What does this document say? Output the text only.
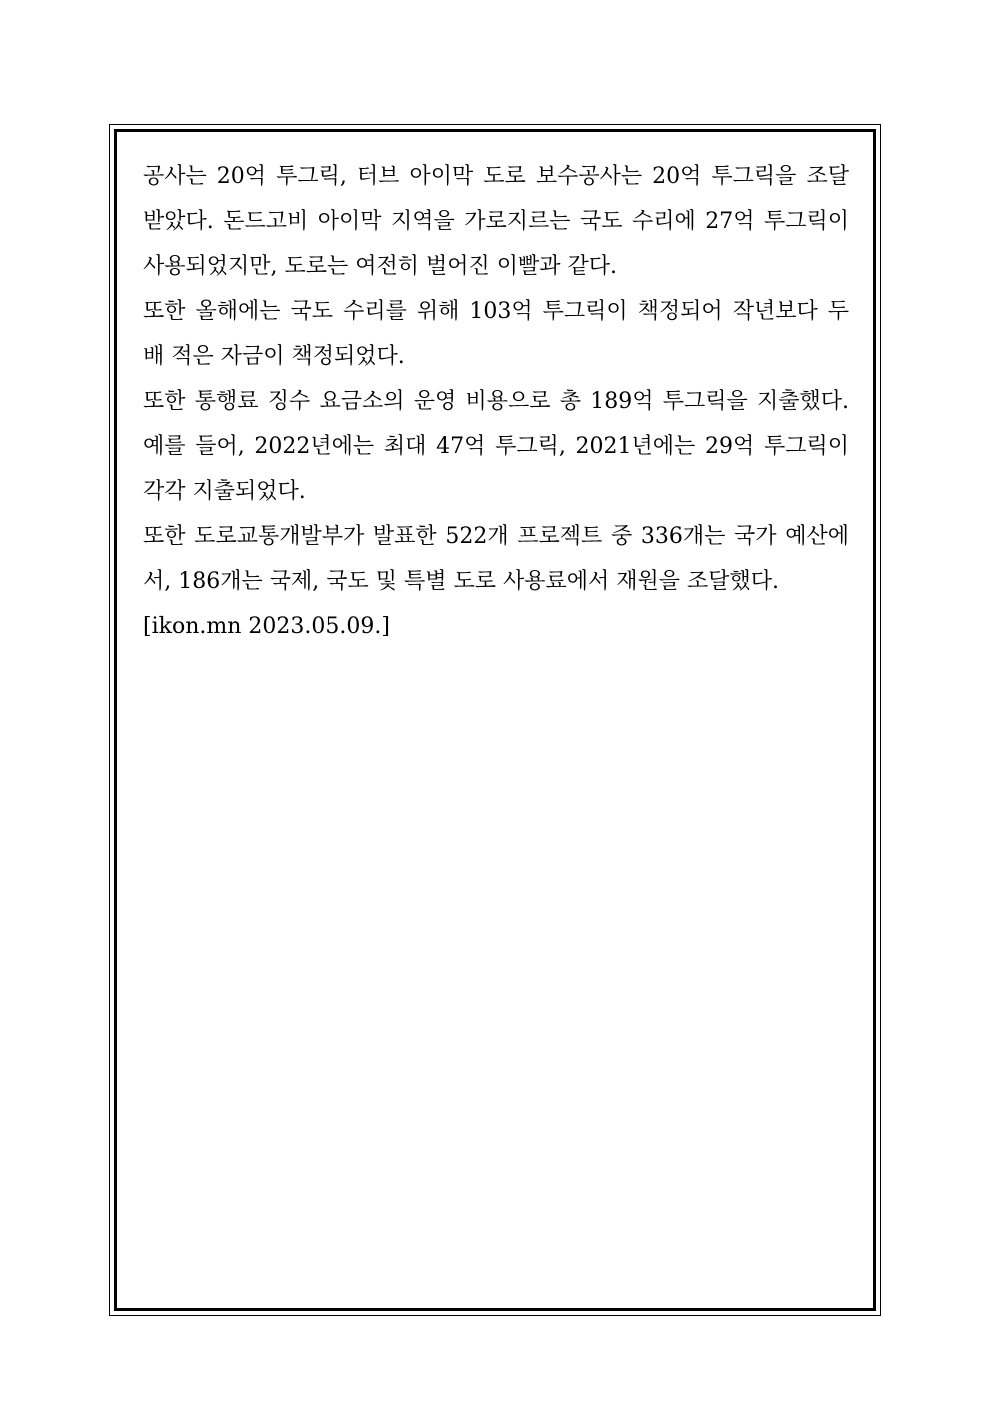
공사는 20억 투그릭, 터브 아이막 도로 보수공사는 20억 투그릭을 조달
받았다. 돈드고비 아이막 지역을 가로지르는 국도 수리에 27억 투그릭이
사용되었지만, 도로는 여전히 벌어진 이빨과 같다.
또한 올해에는 국도 수리를 위해 103억 투그릭이 책정되어 작년보다 두
배 적은 자금이 책정되었다.
또한 통행료 징수 요금소의 운영 비용으로 총 189억 투그릭을 지출했다.
예를 들어, 2022년에는 최대 47억 투그릭, 2021년에는 29억 투그릭이
각각 지출되었다.
또한 도로교통개발부가 발표한 522개 프로젝트 중 336개는 국가 예산에
서, 186개는 국제, 국도 및 특별 도로 사용료에서 재원을 조달했다.
[ikon.mn 2023.05.09.]
